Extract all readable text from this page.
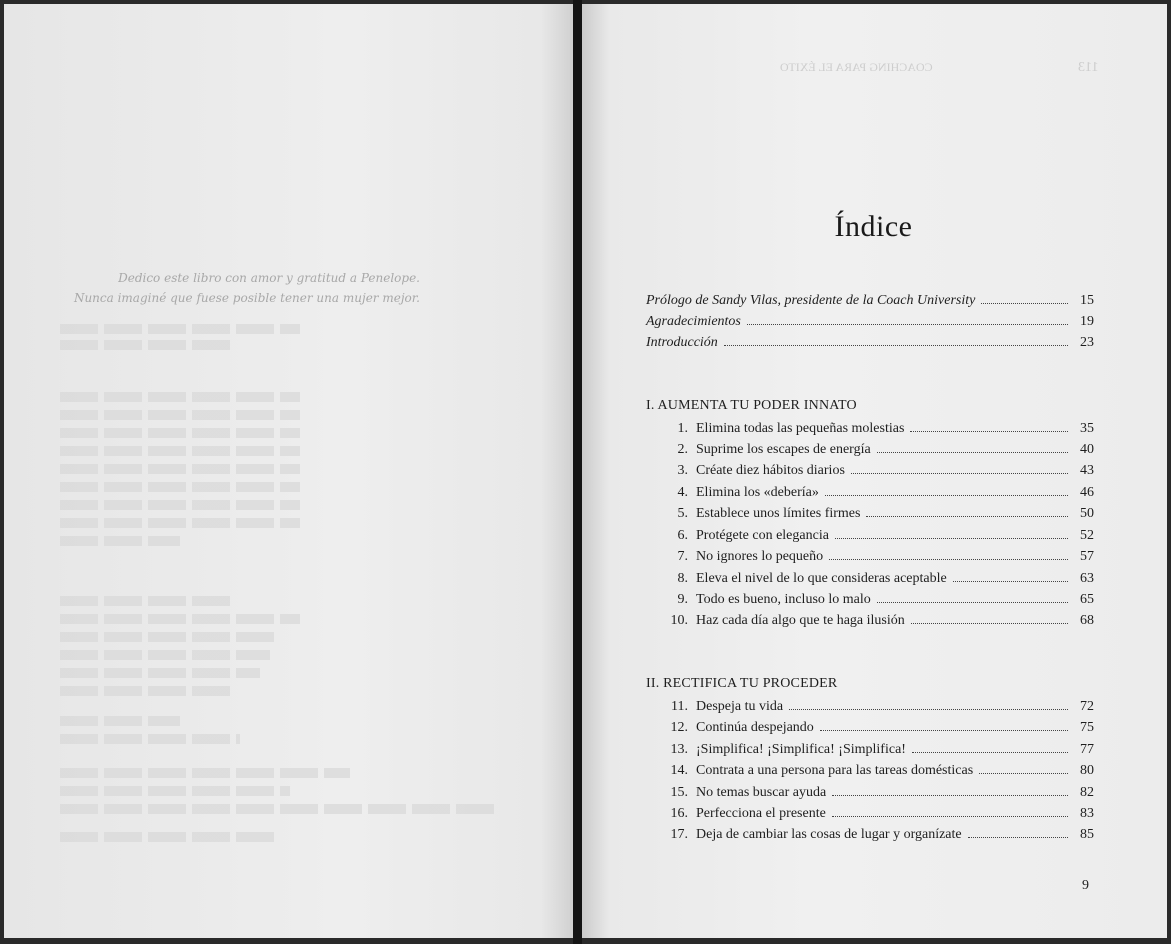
Dedico este libro con amor y gratitud a Penelope.
Nunca imaginé que fuese posible tener una mujer mejor.
COACHING PARA EL ÉXITO	113
Índice
Prólogo de Sandy Vilas, presidente de la Coach University	15
Agradecimientos	19
Introducción	23
I. AUMENTA TU PODER INNATO
1. Elimina todas las pequeñas molestias	35
2. Suprime los escapes de energía	40
3. Créate diez hábitos diarios	43
4. Elimina los «debería»	46
5. Establece unos límites firmes	50
6. Protégete con elegancia	52
7. No ignores lo pequeño	57
8. Eleva el nivel de lo que consideras aceptable	63
9. Todo es bueno, incluso lo malo	65
10. Haz cada día algo que te haga ilusión	68
II. RECTIFICA TU PROCEDER
11. Despeja tu vida	72
12. Continúa despejando	75
13. ¡Simplifica! ¡Simplifica! ¡Simplifica!	77
14. Contrata a una persona para las tareas domésticas	80
15. No temas buscar ayuda	82
16. Perfecciona el presente	83
17. Deja de cambiar las cosas de lugar y organízate	85
9
